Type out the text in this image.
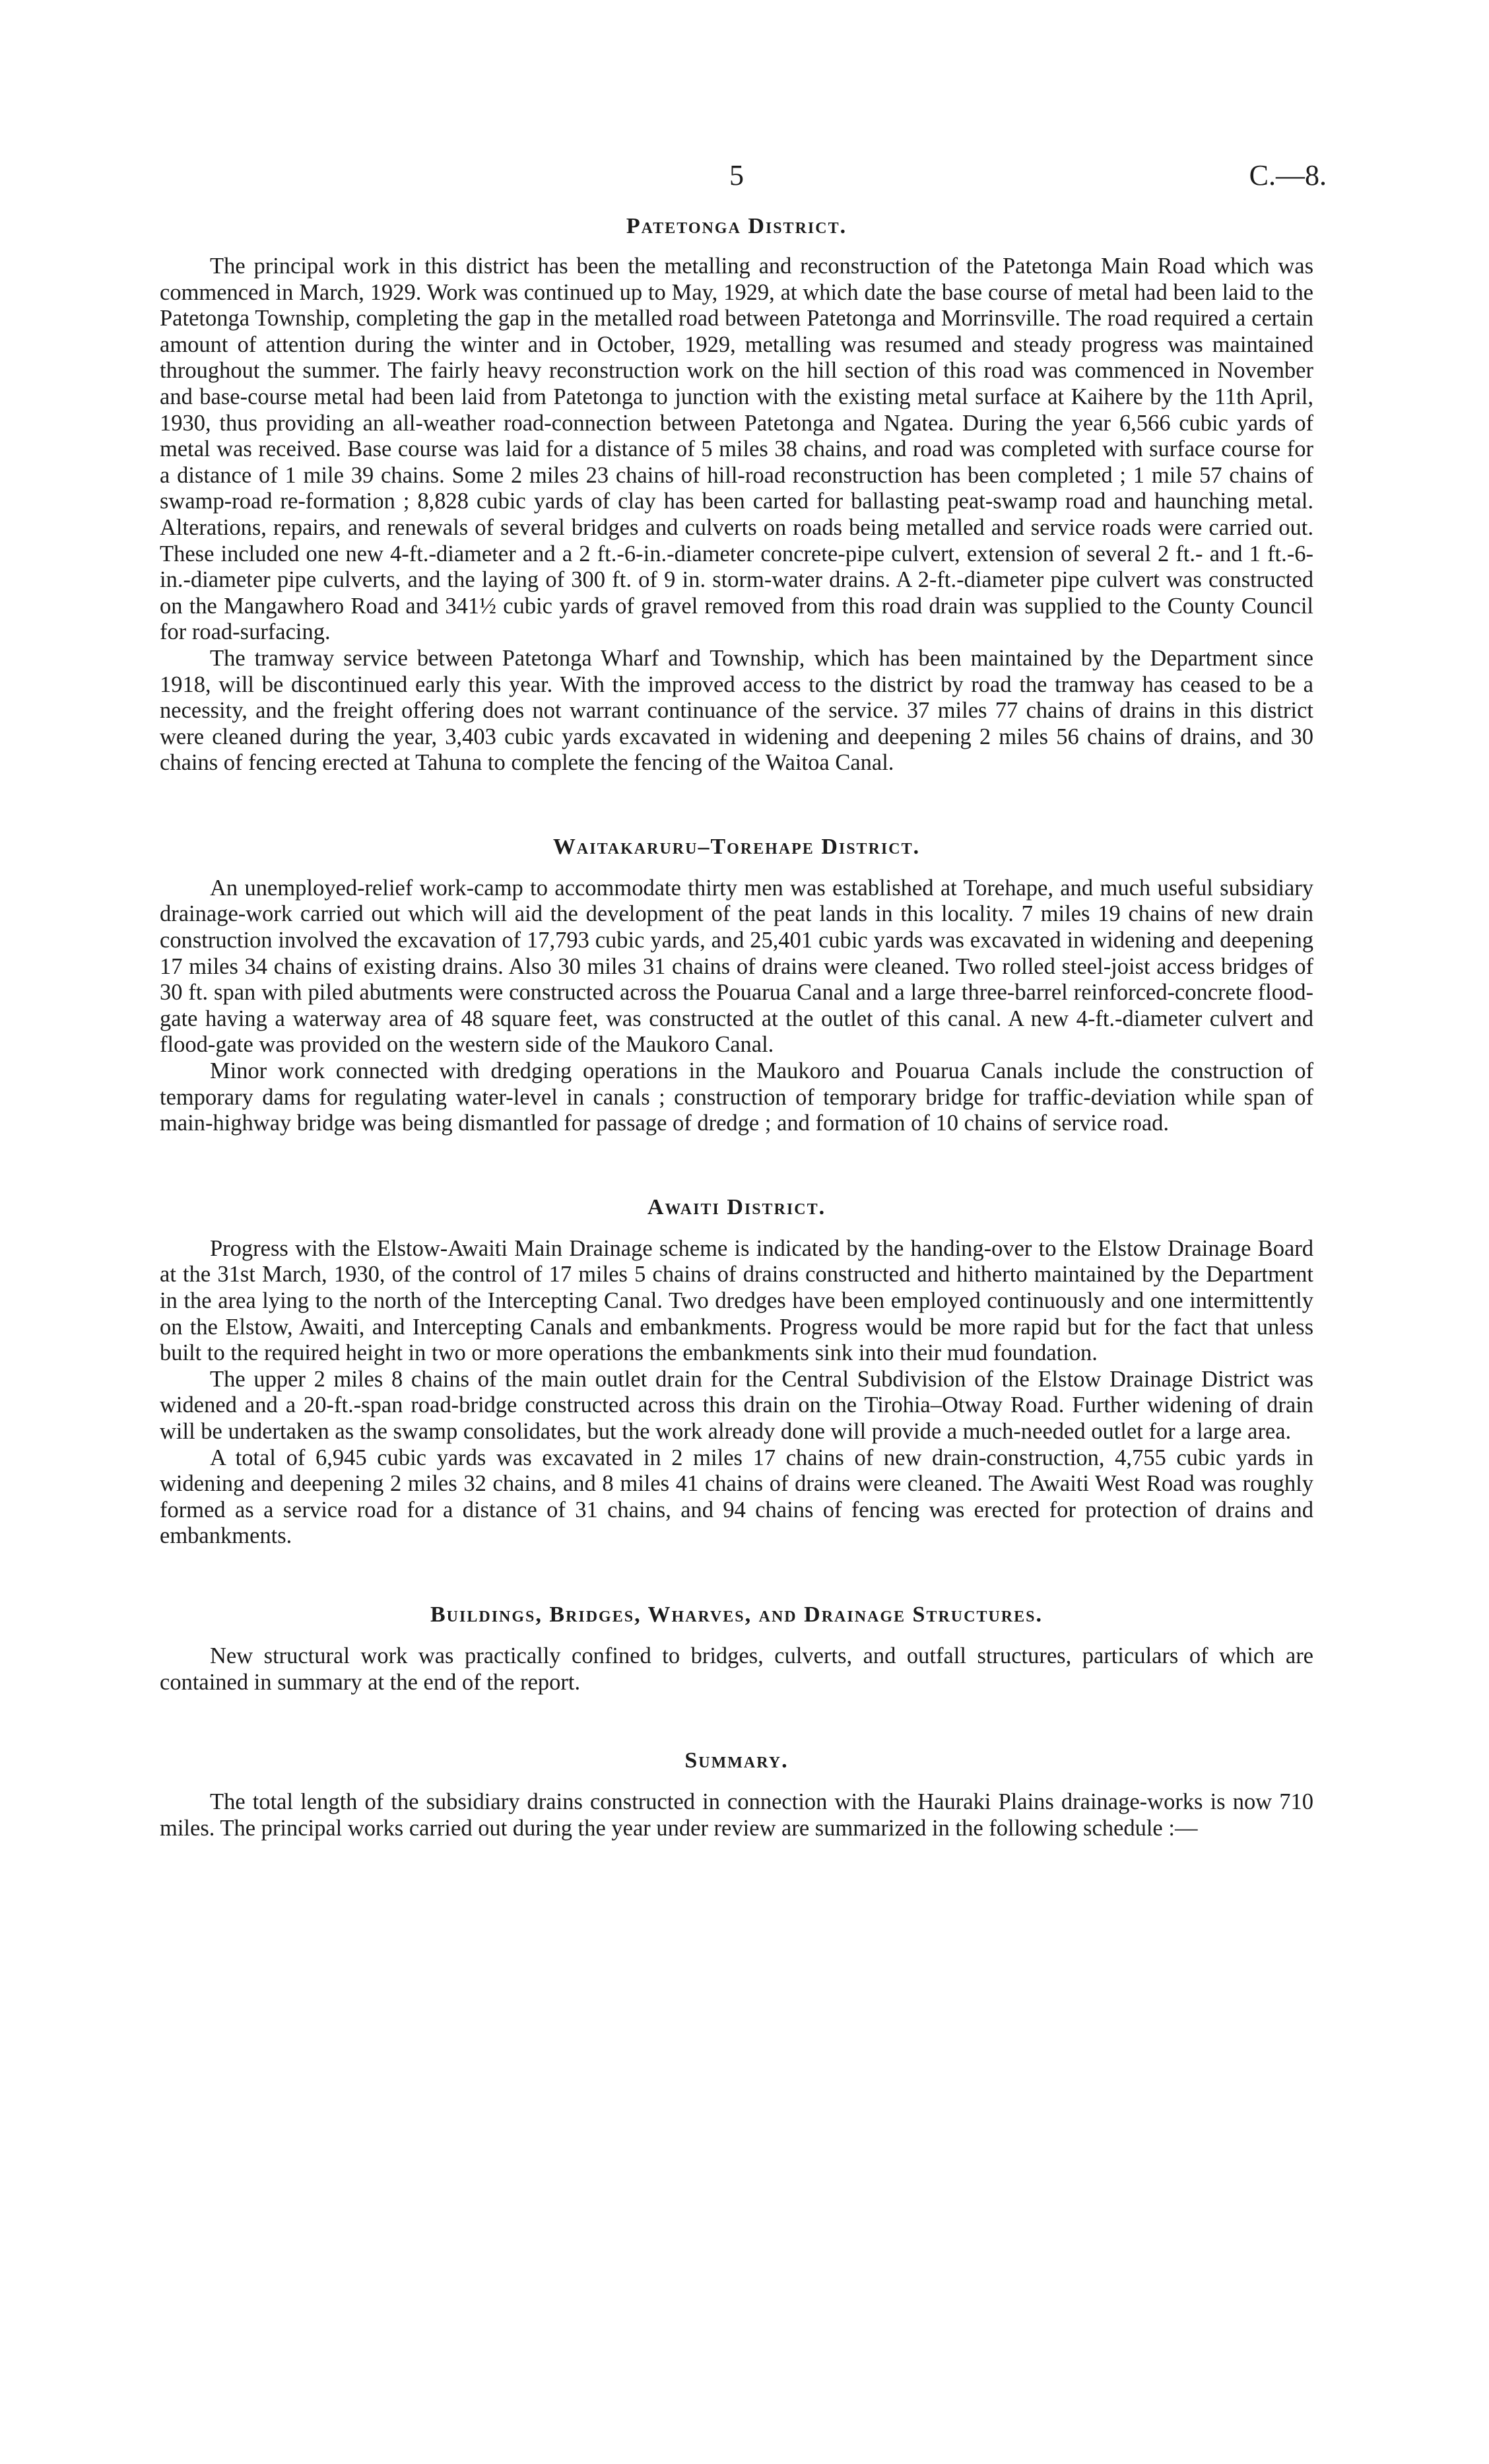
5	C.—8.
Patetonga District.

The principal work in this district has been the metalling and reconstruction of the Patetonga Main Road which was commenced in March, 1929. Work was continued up to May, 1929, at which date the base course of metal had been laid to the Patetonga Township, completing the gap in the metalled road between Patetonga and Morrinsville. The road required a certain amount of attention during the winter and in October, 1929, metalling was resumed and steady progress was maintained throughout the summer. The fairly heavy reconstruction work on the hill section of this road was commenced in November and base-course metal had been laid from Patetonga to junction with the existing metal surface at Kaihere by the 11th April, 1930, thus providing an all-weather road-connection between Patetonga and Ngatea. During the year 6,566 cubic yards of metal was received. Base course was laid for a distance of 5 miles 38 chains, and road was completed with surface course for a distance of 1 mile 39 chains. Some 2 miles 23 chains of hill-road reconstruction has been completed ; 1 mile 57 chains of swamp-road re-formation ; 8,828 cubic yards of clay has been carted for ballasting peat-swamp road and haunching metal. Alterations, repairs, and renewals of several bridges and culverts on roads being metalled and service roads were carried out. These included one new 4-ft.-diameter and a 2 ft.-6-in.-diameter concrete-pipe culvert, extension of several 2 ft.- and 1 ft.-6-in.-diameter pipe culverts, and the laying of 300 ft. of 9 in. storm-water drains. A 2-ft.-diameter pipe culvert was constructed on the Mangawhero Road and 341½ cubic yards of gravel removed from this road drain was supplied to the County Council for road-surfacing.

The tramway service between Patetonga Wharf and Township, which has been maintained by the Department since 1918, will be discontinued early this year. With the improved access to the district by road the tramway has ceased to be a necessity, and the freight offering does not warrant continuance of the service. 37 miles 77 chains of drains in this district were cleaned during the year, 3,403 cubic yards excavated in widening and deepening 2 miles 56 chains of drains, and 30 chains of fencing erected at Tahuna to complete the fencing of the Waitoa Canal.

Waitakaruru–Torehape District.

An unemployed-relief work-camp to accommodate thirty men was established at Torehape, and much useful subsidiary drainage-work carried out which will aid the development of the peat lands in this locality. 7 miles 19 chains of new drain construction involved the excavation of 17,793 cubic yards, and 25,401 cubic yards was excavated in widening and deepening 17 miles 34 chains of existing drains. Also 30 miles 31 chains of drains were cleaned. Two rolled steel-joist access bridges of 30 ft. span with piled abutments were constructed across the Pouarua Canal and a large three-barrel reinforced-concrete flood-gate having a waterway area of 48 square feet, was constructed at the outlet of this canal. A new 4-ft.-diameter culvert and flood-gate was provided on the western side of the Maukoro Canal.

Minor work connected with dredging operations in the Maukoro and Pouarua Canals include the construction of temporary dams for regulating water-level in canals ; construction of temporary bridge for traffic-deviation while span of main-highway bridge was being dismantled for passage of dredge ; and formation of 10 chains of service road.

Awaiti District.

Progress with the Elstow-Awaiti Main Drainage scheme is indicated by the handing-over to the Elstow Drainage Board at the 31st March, 1930, of the control of 17 miles 5 chains of drains constructed and hitherto maintained by the Department in the area lying to the north of the Intercepting Canal. Two dredges have been employed continuously and one intermittently on the Elstow, Awaiti, and Intercepting Canals and embankments. Progress would be more rapid but for the fact that unless built to the required height in two or more operations the embankments sink into their mud foundation.

The upper 2 miles 8 chains of the main outlet drain for the Central Subdivision of the Elstow Drainage District was widened and a 20-ft.-span road-bridge constructed across this drain on the Tirohia–Otway Road. Further widening of drain will be undertaken as the swamp consolidates, but the work already done will provide a much-needed outlet for a large area.

A total of 6,945 cubic yards was excavated in 2 miles 17 chains of new drain-construction, 4,755 cubic yards in widening and deepening 2 miles 32 chains, and 8 miles 41 chains of drains were cleaned. The Awaiti West Road was roughly formed as a service road for a distance of 31 chains, and 94 chains of fencing was erected for protection of drains and embankments.

Buildings, Bridges, Wharves, and Drainage Structures.

New structural work was practically confined to bridges, culverts, and outfall structures, particulars of which are contained in summary at the end of the report.

Summary.

The total length of the subsidiary drains constructed in connection with the Hauraki Plains drainage-works is now 710 miles. The principal works carried out during the year under review are summarized in the following schedule :—
